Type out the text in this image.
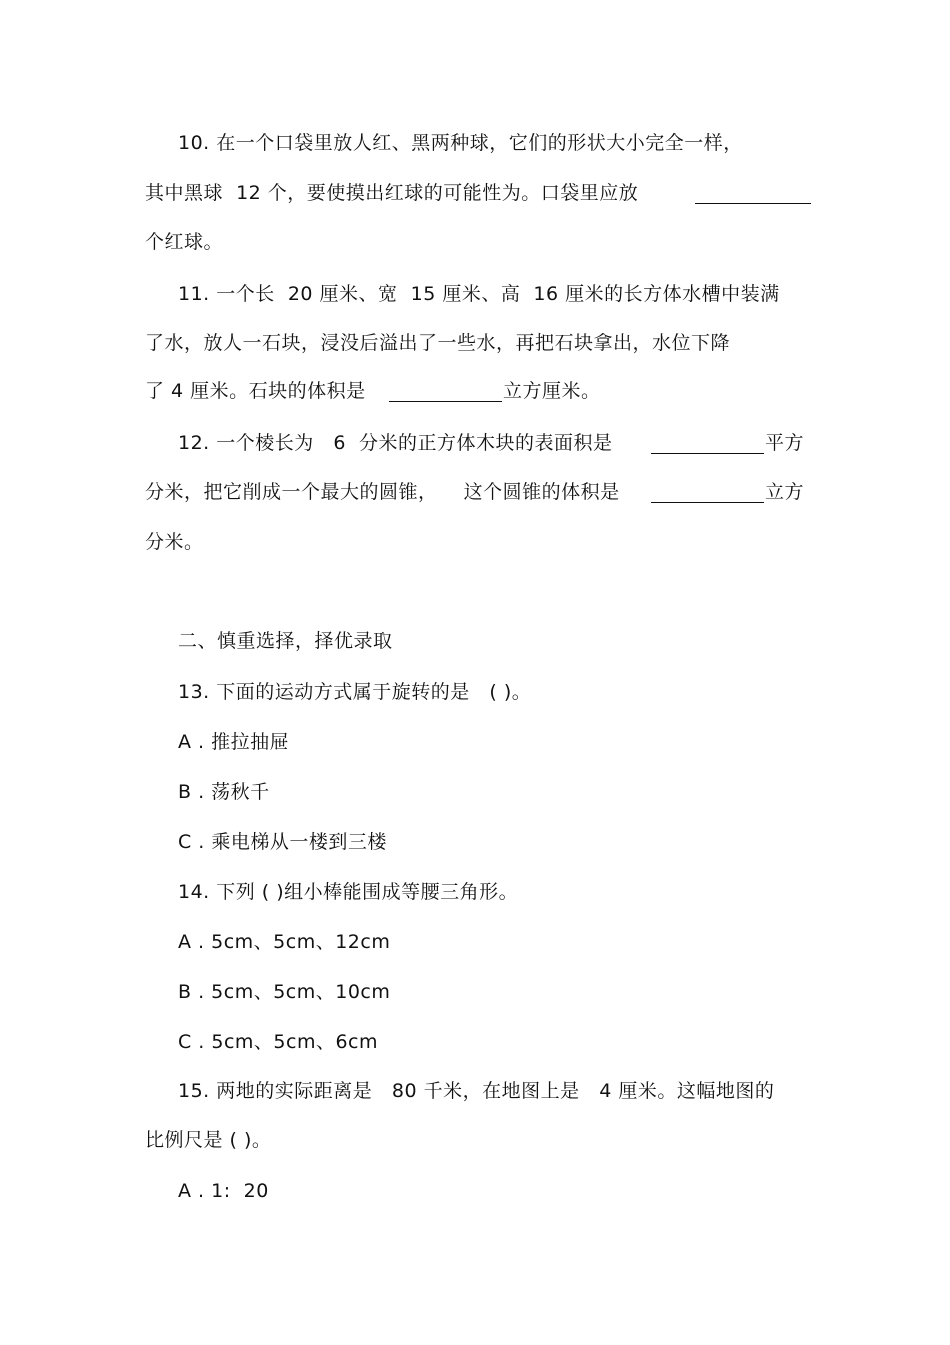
10. 在一个口袋里放人红、黑两种球，它们的形状大小完全一样，
其中黑球  12 个，要使摸出红球的可能性为。口袋里应放
个红球。
11. 一个长  20 厘米、宽  15 厘米、高  16 厘米的长方体水槽中装满
了水，放人一石块，浸没后溢出了一些水，再把石块拿出，水位下降
了 4 厘米。石块的体积是	立方厘米。
12. 一个棱长为   6  分米的正方体木块的表面积是	平方
分米，把它削成一个最大的圆锥，    这个圆锥的体积是	立方
分米。
二、慎重选择，择优录取
13. 下面的运动方式属于旋转的是   ( )。
A . 推拉抽屉
B . 荡秋千
C . 乘电梯从一楼到三楼
14. 下列 ( )组小棒能围成等腰三角形。
A . 5cm、5cm、12cm
B . 5cm、5cm、10cm
C . 5cm、5cm、6cm
15. 两地的实际距离是   80 千米，在地图上是   4 厘米。这幅地图的
比例尺是 ( )。
A . 1:  20
